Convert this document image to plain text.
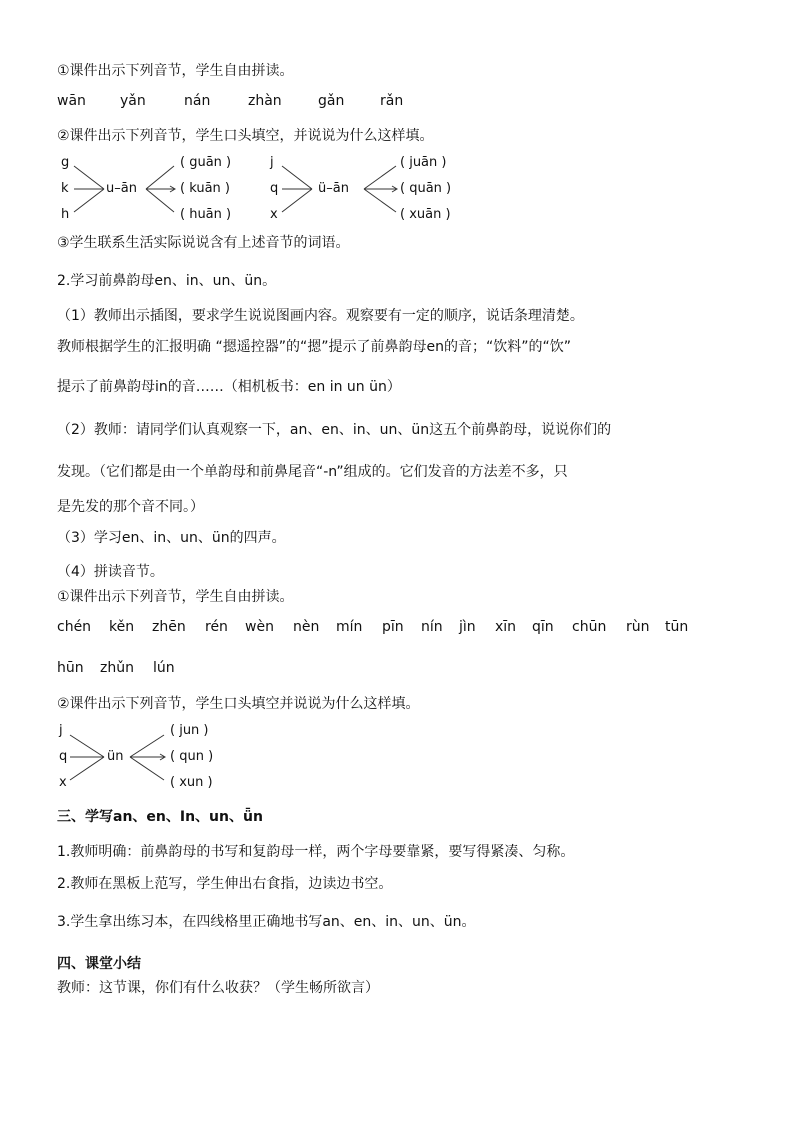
①课件出示下列音节，学生自由拼读。
wān yǎn	nán	zhàn	gǎn	rǎn
②课件出示下列音节，学生口头填空，并说说为什么这样填。
g
k
h
u–ān
( guān )
( kuān )
( huān )
j
q
x
ü–ān
( juān )
( quān )
( xuān )
③学生联系生活实际说说含有上述音节的词语。
2.学习前鼻韵母en、in、un、ün。
（1）教师出示插图，要求学生说说图画内容。观察要有一定的顺序，说话条理清楚。
教师根据学生的汇报明确 “摁遥控器”的“摁”提示了前鼻韵母en的音；“饮料”的“饮”
提示了前鼻韵母in的音……（相机板书：en in un ün）
（2）教师：请同学们认真观察一下，an、en、in、un、ün这五个前鼻韵母，说说你们的
发现。（它们都是由一个单韵母和前鼻尾音“-n”组成的。它们发音的方法差不多，只
是先发的那个音不同。）
（3）学习en、in、un、ün的四声。
（4）拼读音节。
①课件出示下列音节，学生自由拼读。
chén kěn zhēn rén wèn nèn mín pīn nín jìn xīn qīn chūn rùn tūn
hūn zhǔn lún
②课件出示下列音节，学生口头填空并说说为什么这样填。
j
q
x
ün
( jun )
( qun )
( xun )
三、学写an、en、In、un、ǖn
1.教师明确：前鼻韵母的书写和复韵母一样，两个字母要靠紧，要写得紧凑、匀称。
2.教师在黑板上范写，学生伸出右食指，边读边书空。
3.学生拿出练习本，在四线格里正确地书写an、en、in、un、ün。
四、课堂小结
教师：这节课，你们有什么收获？（学生畅所欲言）
